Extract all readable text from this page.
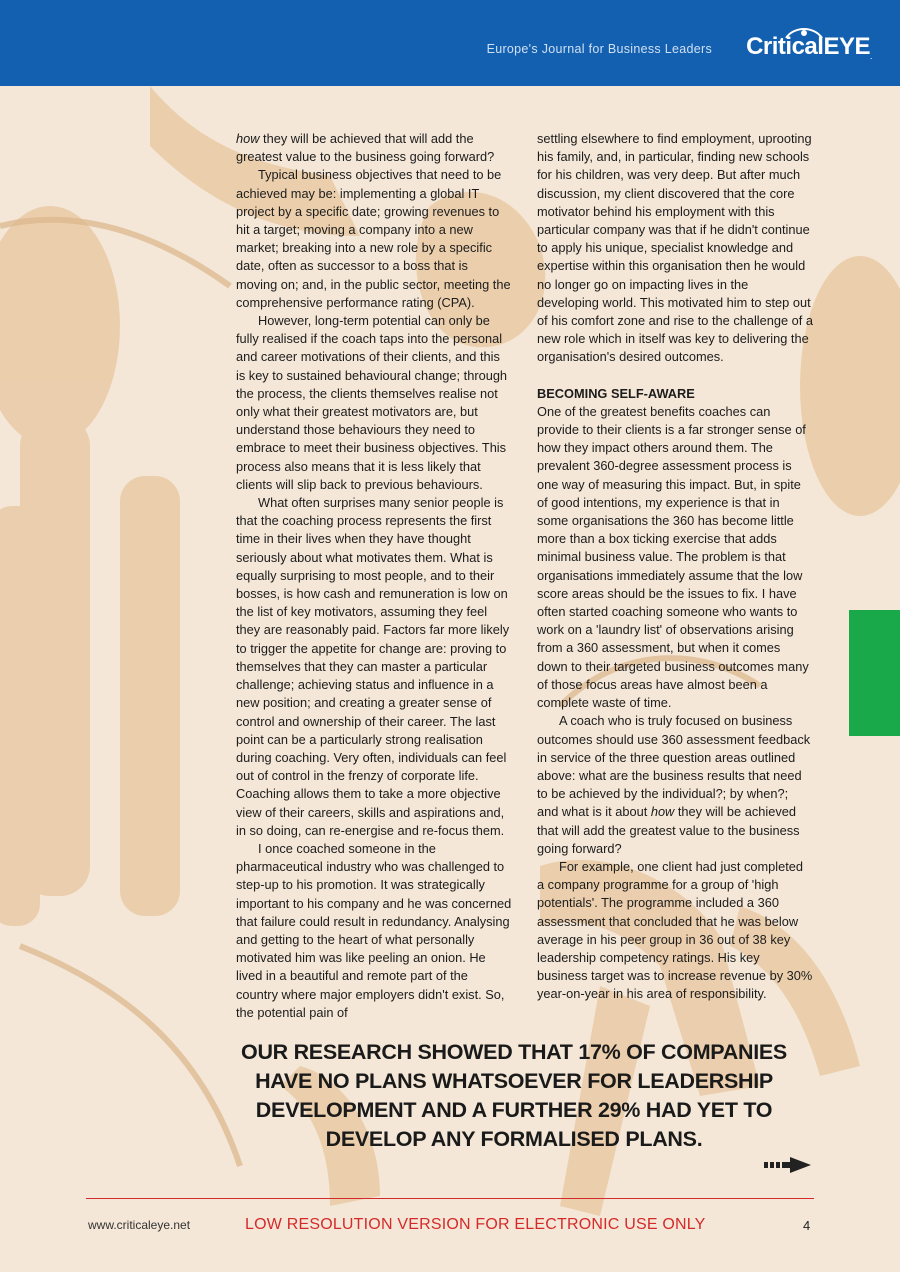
Europe's Journal for Business Leaders CriticalEYE.

how they will be achieved that will add the greatest value to the business going forward?

Typical business objectives that need to be achieved may be: implementing a global IT project by a specific date; growing revenues to hit a target; moving a company into a new market; breaking into a new role by a specific date, often as successor to a boss that is moving on; and, in the public sector, meeting the comprehensive performance rating (CPA).

However, long-term potential can only be fully realised if the coach taps into the personal and career motivations of their clients, and this is key to sustained behavioural change; through the process, the clients themselves realise not only what their greatest motivators are, but understand those behaviours they need to embrace to meet their business objectives. This process also means that it is less likely that clients will slip back to previous behaviours.

What often surprises many senior people is that the coaching process represents the first time in their lives when they have thought seriously about what motivates them. What is equally surprising to most people, and to their bosses, is how cash and remuneration is low on the list of key motivators, assuming they feel they are reasonably paid. Factors far more likely to trigger the appetite for change are: proving to themselves that they can master a particular challenge; achieving status and influence in a new position; and creating a greater sense of control and ownership of their career. The last point can be a particularly strong realisation during coaching. Very often, individuals can feel out of control in the frenzy of corporate life. Coaching allows them to take a more objective view of their careers, skills and aspirations and, in so doing, can re-energise and re-focus them.

I once coached someone in the pharmaceutical industry who was challenged to step-up to his promotion. It was strategically important to his company and he was concerned that failure could result in redundancy. Analysing and getting to the heart of what personally motivated him was like peeling an onion. He lived in a beautiful and remote part of the country where major employers didn't exist. So, the potential pain of

settling elsewhere to find employment, uprooting his family, and, in particular, finding new schools for his children, was very deep. But after much discussion, my client discovered that the core motivator behind his employment with this particular company was that if he didn't continue to apply his unique, specialist knowledge and expertise within this organisation then he would no longer go on impacting lives in the developing world. This motivated him to step out of his comfort zone and rise to the challenge of a new role which in itself was key to delivering the organisation's desired outcomes.

BECOMING SELF-AWARE

One of the greatest benefits coaches can provide to their clients is a far stronger sense of how they impact others around them. The prevalent 360-degree assessment process is one way of measuring this impact. But, in spite of good intentions, my experience is that in some organisations the 360 has become little more than a box ticking exercise that adds minimal business value. The problem is that organisations immediately assume that the low score areas should be the issues to fix. I have often started coaching someone who wants to work on a 'laundry list' of observations arising from a 360 assessment, but when it comes down to their targeted business outcomes many of those focus areas have almost been a complete waste of time.

A coach who is truly focused on business outcomes should use 360 assessment feedback in service of the three question areas outlined above: what are the business results that need to be achieved by the individual?; by when?; and what is it about how they will be achieved that will add the greatest value to the business going forward?

For example, one client had just completed a company programme for a group of 'high potentials'. The programme included a 360 assessment that concluded that he was below average in his peer group in 36 out of 38 key leadership competency ratings. His key business target was to increase revenue by 30% year-on-year in his area of responsibility.

OUR RESEARCH SHOWED THAT 17% OF COMPANIES HAVE NO PLANS WHATSOEVER FOR LEADERSHIP DEVELOPMENT AND A FURTHER 29% HAD YET TO DEVELOP ANY FORMALISED PLANS.
www.criticaleye.net	LOW RESOLUTION VERSION FOR ELECTRONIC USE ONLY	4
